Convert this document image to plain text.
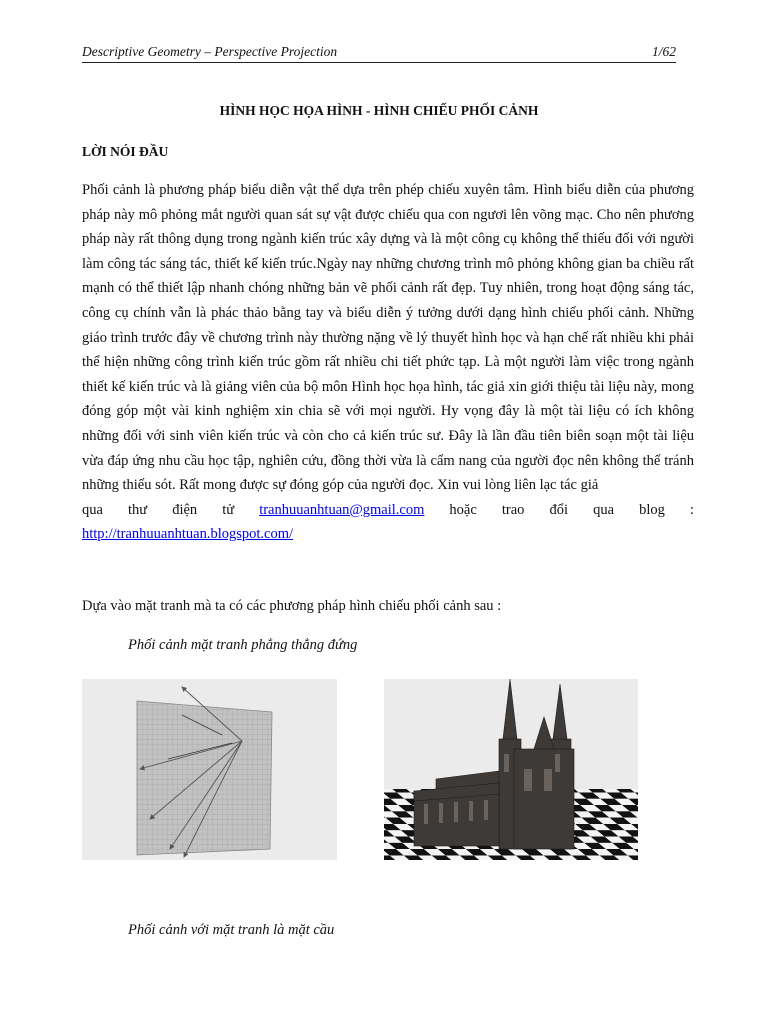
Descriptive Geometry – Perspective Projection	1/62
HÌNH HỌC HỌA HÌNH - HÌNH CHIẾU PHỐI CẢNH
LỜI NÓI ĐẦU
Phối cảnh là phương pháp biểu diễn vật thể dựa trên phép chiếu xuyên tâm. Hình biểu diễn của phương pháp này mô phỏng mắt người quan sát sự vật được chiếu qua con ngươi lên võng mạc. Cho nên phương pháp này rất thông dụng trong ngành kiến trúc xây dựng và là một công cụ không thể thiếu đối với người làm công tác sáng tác, thiết kế kiến trúc.Ngày nay những chương trình mô phỏng không gian ba chiều rất mạnh có thể thiết lập nhanh chóng những bản vẽ phối cảnh rất đẹp. Tuy nhiên, trong hoạt động sáng tác, công cụ chính vẫn là phác thảo bằng tay và biểu diễn ý tưởng dưới dạng hình chiếu phối cảnh. Những giáo trình trước đây về chương trình này thường nặng về lý thuyết hình học và hạn chế rất nhiều khi phải thể hiện những công trình kiến trúc gồm rất nhiều chi tiết phức tạp. Là một người làm việc trong ngành thiết kế kiến trúc và là giảng viên của bộ môn Hình học họa hình, tác giả xin giới thiệu tài liệu này, mong đóng góp một vài kinh nghiệm xin chia sẽ với mọi người. Hy vọng đây là một tài liệu có ích không những đối với sinh viên kiến trúc và còn cho cả kiến trúc sư. Đây là lần đầu tiên biên soạn một tài liệu vừa đáp ứng nhu cầu học tập, nghiên cứu, đồng thời vừa là cẩm nang của người đọc nên không thể tránh những thiếu sót. Rất mong được sự đóng góp của người đọc. Xin vui lòng liên lạc tác giả
qua thư điện tử tranhuuanhtuan@gmail.com hoặc trao đổi qua blog :
http://tranhuuanhtuan.blogspot.com/
Dựa vào mặt tranh mà ta có các phương pháp hình chiếu phối cảnh sau :
Phối cảnh mặt tranh phẳng thẳng đứng
Phối cảnh với mặt tranh là mặt cầu
